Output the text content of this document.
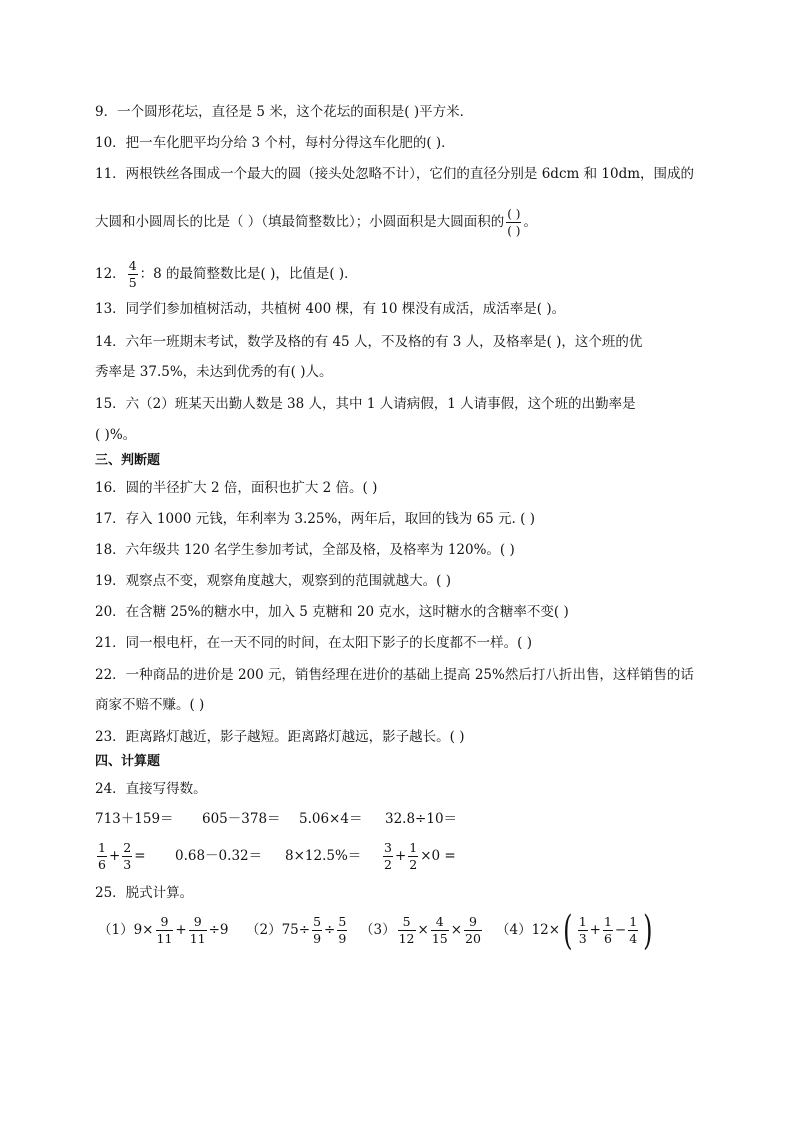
9．一个圆形花坛，直径是 5 米，这个花坛的面积是( )平方米．
10．把一车化肥平均分给 3 个村，每村分得这车化肥的( )．
11．两根铁丝各围成一个最大的圆（接头处忽略不计），它们的直径分别是 6dcm 和 10dm，围成的
大圆和小圆周长的比是（ ）（填最简整数比）；小圆面积是大圆面积的 $\frac{( )}{( )}$ 。
12． $\frac{4}{5}$ ：8 的最简整数比是( )，比值是( )．
13．同学们参加植树活动，共植树 400 棵，有 10 棵没有成活，成活率是( )。
14．六年一班期末考试，数学及格的有 45 人，不及格的有 3 人，及格率是( )，这个班的优
秀率是 37.5%，未达到优秀的有( )人。
15．六（2）班某天出勤人数是 38 人，其中 1 人请病假，1 人请事假，这个班的出勤率是
( )%。
三、判断题
16．圆的半径扩大 2 倍，面积也扩大 2 倍。( )
17．存入 1000 元钱，年利率为 3.25%，两年后，取回的钱为 65 元. ( )
18．六年级共 120 名学生参加考试，全部及格，及格率为 120%。( )
19．观察点不变，观察角度越大，观察到的范围就越大。( )
20．在含糖 25%的糖水中，加入 5 克糖和 20 克水，这时糖水的含糖率不变( )
21．同一根电杆，在一天不同的时间，在太阳下影子的长度都不一样。( )
22．一种商品的进价是 200 元，销售经理在进价的基础上提高 25%然后打八折出售，这样销售的话
商家不赔不赚。( )
23．距离路灯越近，影子越短。距离路灯越远，影子越长。( )
四、计算题
24．直接写得数。
713＋159＝ 605－378＝ 5.06×4＝ 32.8÷10＝
$\frac{1}{6} + \frac{2}{3} = 0.68-0.32= 8\times 12.5\%= \frac{3}{2} + \frac{1}{2} \times 0$ =
25．脱式计算。
$(1)9\times \frac{9}{11} + \frac{9}{11} \div 9$ $(2)75\div \frac{5}{9} \div \frac{5}{9} (3) \frac{5}{12} \times \frac{4}{15} \times \frac{9}{20} (4)12\times( \frac{1}{3} + \frac{1}{6} - \frac{1}{4}$ )
